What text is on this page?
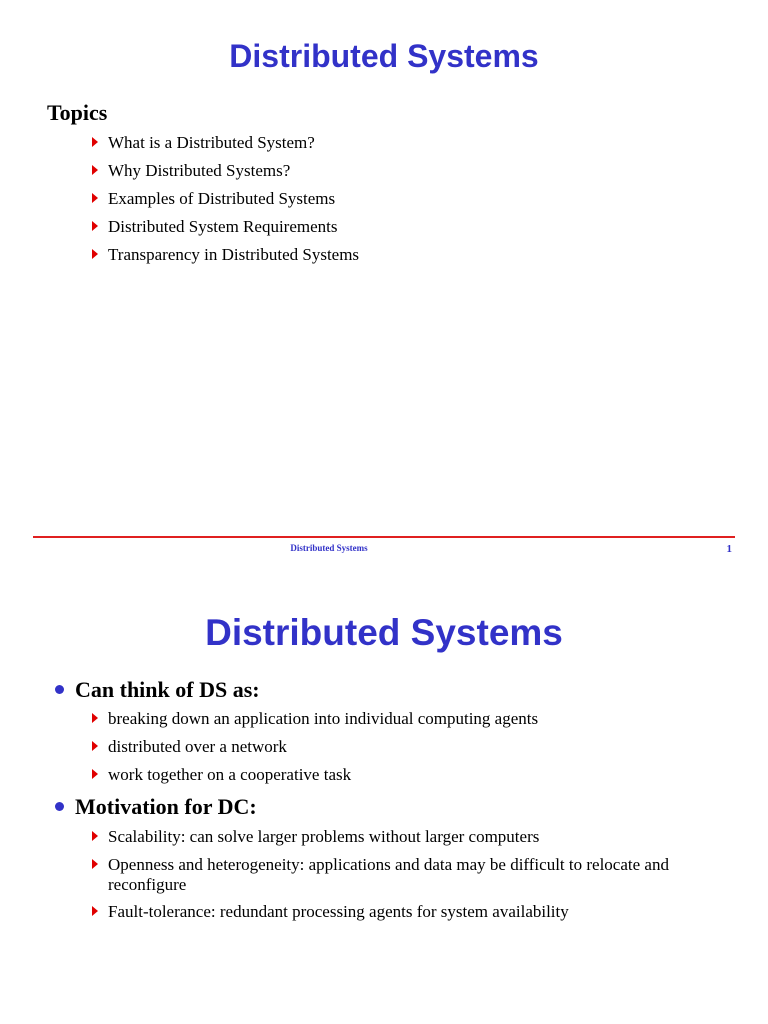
Distributed Systems
Topics
What is a Distributed System?
Why Distributed Systems?
Examples of Distributed Systems
Distributed System Requirements
Transparency in Distributed Systems
Distributed Systems	1
Distributed Systems
Can think of DS as:
breaking down an application into individual computing agents
distributed over a network
work together on a cooperative task
Motivation for DC:
Scalability: can solve larger problems without larger computers
Openness and heterogeneity: applications and data may be difficult to relocate and reconfigure
Fault-tolerance: redundant processing agents for system availability
